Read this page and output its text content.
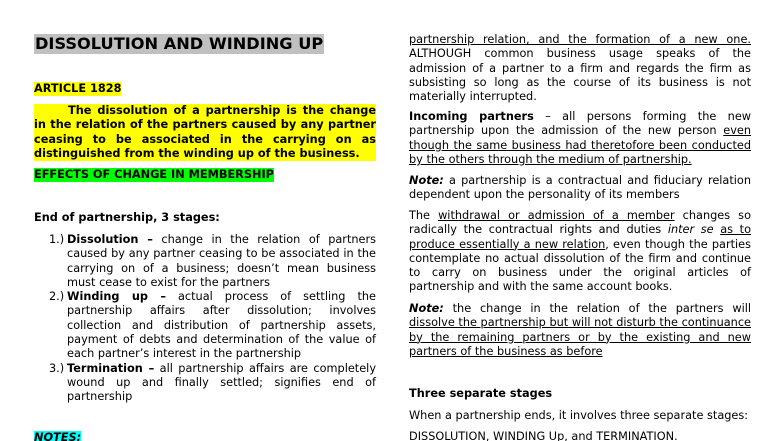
DISSOLUTION AND WINDING UP
ARTICLE 1828
The dissolution of a partnership is the change in the relation of the partners caused by any partner ceasing to be associated in the carrying on as distinguished from the winding up of the business.
EFFECTS OF CHANGE IN MEMBERSHIP
End of partnership, 3 stages:
1.) Dissolution – change in the relation of partners caused by any partner ceasing to be associated in the carrying on of a business; doesn’t mean business must cease to exist for the partners
2.) Winding up – actual process of settling the partnership affairs after dissolution; involves collection and distribution of partnership assets, payment of debts and determination of the value of each partner’s interest in the partnership
3.) Termination – all partnership affairs are completely wound up and finally settled; signifies end of partnership
NOTES:
partnership relation, and the formation of a new one. ALTHOUGH common business usage speaks of the admission of a partner to a firm and regards the firm as subsisting so long as the course of its business is not materially interrupted.
Incoming partners – all persons forming the new partnership upon the admission of the new person even though the same business had theretofore been conducted by the others through the medium of partnership.
Note: a partnership is a contractual and fiduciary relation dependent upon the personality of its members
The withdrawal or admission of a member changes so radically the contractual rights and duties inter se as to produce essentially a new relation, even though the parties contemplate no actual dissolution of the firm and continue to carry on business under the original articles of partnership and with the same account books.
Note: the change in the relation of the partners will dissolve the partnership but will not disturb the continuance by the remaining partners or by the existing and new partners of the business as before
Three separate stages
When a partnership ends, it involves three separate stages:
DISSOLUTION, WINDING Up, and TERMINATION.
